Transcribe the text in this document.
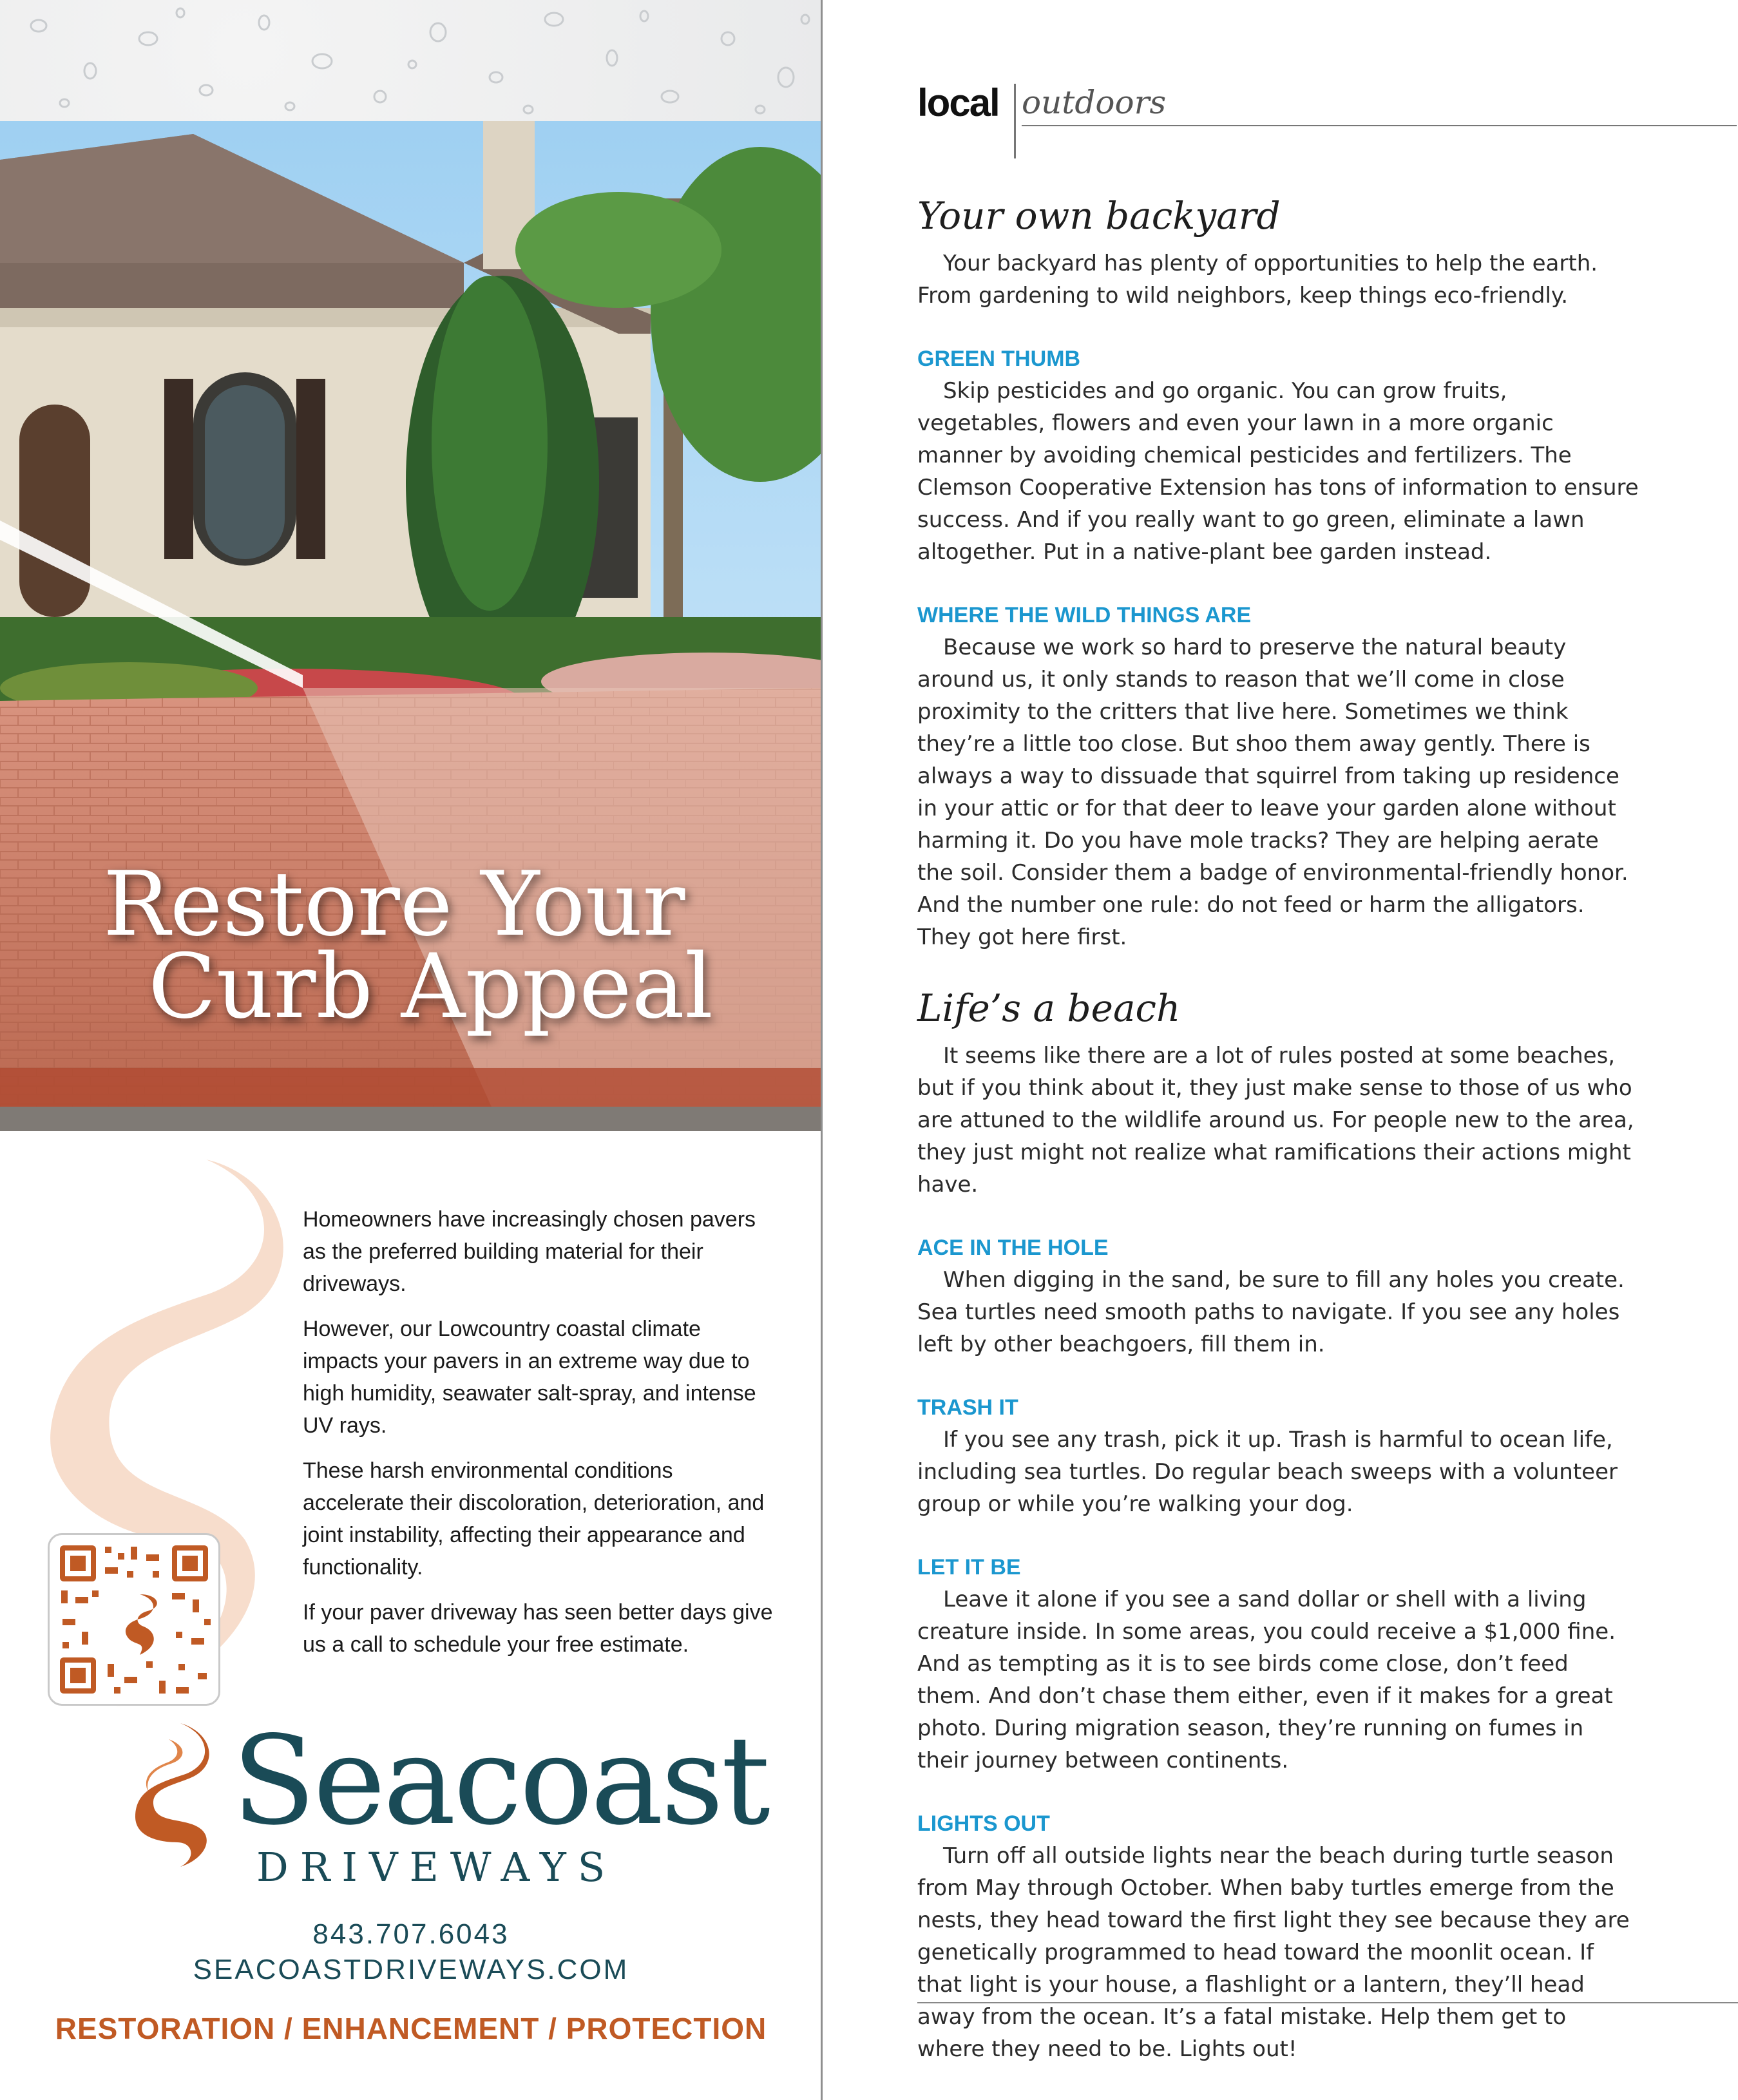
Restore Your
Curb Appeal

Homeowners have increasingly chosen pavers as the preferred building material for their driveways.

However, our Lowcountry coastal climate impacts your pavers in an extreme way due to high humidity, seawater salt-spray, and intense UV rays.

These harsh environmental conditions accelerate their discoloration, deterioration, and joint instability, affecting their appearance and functionality.

If your paver driveway has seen better days give us a call to schedule your free estimate.

Seacoast
DRIVEWAYS
843.707.6043
SEACOASTDRIVEWAYS.COM
RESTORATION / ENHANCEMENT / PROTECTION
local outdoors
Your own backyard

Your backyard has plenty of opportunities to help the earth. From gardening to wild neighbors, keep things eco-friendly.

GREEN THUMB

Skip pesticides and go organic. You can grow fruits, vegetables, flowers and even your lawn in a more organic manner by avoiding chemical pesticides and fertilizers. The Clemson Cooperative Extension has tons of information to ensure success. And if you really want to go green, eliminate a lawn altogether. Put in a native-plant bee garden instead.

WHERE THE WILD THINGS ARE

Because we work so hard to preserve the natural beauty around us, it only stands to reason that we’ll come in close proximity to the critters that live here. Sometimes we think they’re a little too close. But shoo them away gently. There is always a way to dissuade that squirrel from taking up residence in your attic or for that deer to leave your garden alone without harming it. Do you have mole tracks? They are helping aerate the soil. Consider them a badge of environmental-friendly honor. And the number one rule: do not feed or harm the alligators. They got here first.

Life’s a beach

It seems like there are a lot of rules posted at some beaches, but if you think about it, they just make sense to those of us who are attuned to the wildlife around us. For people new to the area, they just might not realize what ramifications their actions might have.

ACE IN THE HOLE

When digging in the sand, be sure to fill any holes you create. Sea turtles need smooth paths to navigate. If you see any holes left by other beachgoers, fill them in.

TRASH IT

If you see any trash, pick it up. Trash is harmful to ocean life, including sea turtles. Do regular beach sweeps with a volunteer group or while you’re walking your dog.

LET IT BE

Leave it alone if you see a sand dollar or shell with a living creature inside. In some areas, you could receive a $1,000 fine. And as tempting as it is to see birds come close, don’t feed them. And don’t chase them either, even if it makes for a great photo. During migration season, they’re running on fumes in their journey between continents.

LIGHTS OUT

Turn off all outside lights near the beach during turtle season from May through October. When baby turtles emerge from the nests, they head toward the first light they see because they are genetically programmed to head toward the moonlit ocean. If that light is your house, a flashlight or a lantern, they’ll head away from the ocean. It’s a fatal mistake. Help them get to where they need to be. Lights out!
